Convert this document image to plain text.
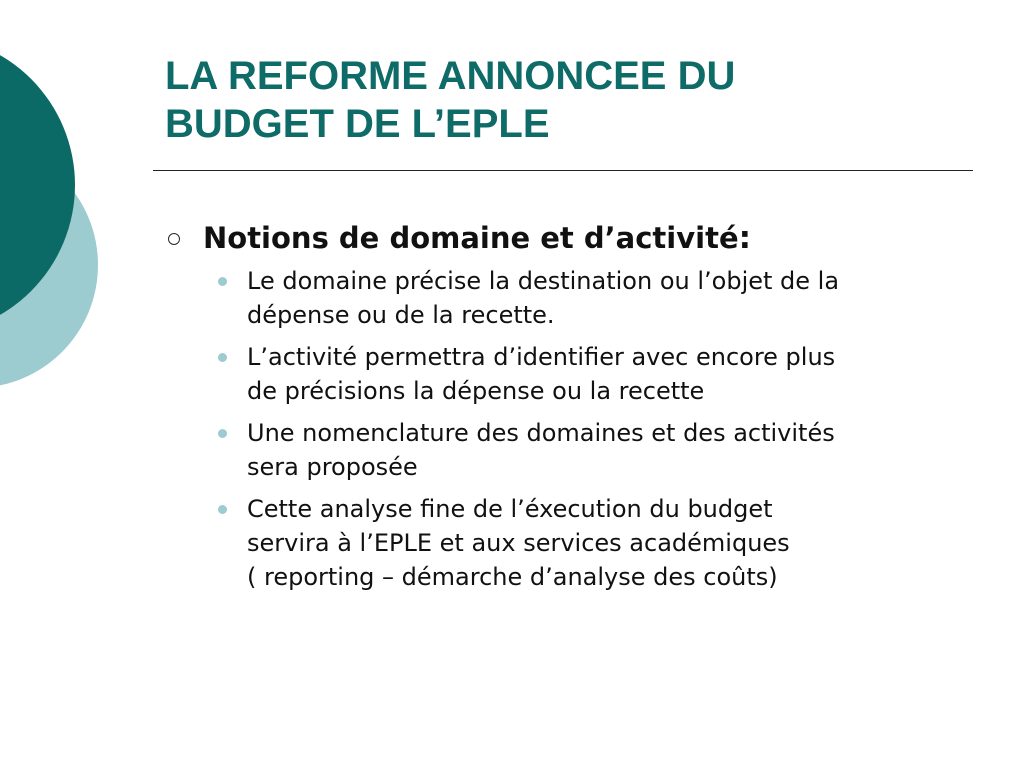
LA REFORME ANNONCEE DU
BUDGET DE L’EPLE
Notions de domaine et d’activité:
Le domaine précise la destination ou l’objet de la
dépense ou de la recette.
L’activité permettra d’identifier avec encore plus
de précisions la dépense ou la recette
Une nomenclature des domaines et des activités
sera proposée
Cette analyse fine de l’éxecution du budget
servira à l’EPLE et aux services académiques
( reporting – démarche d’analyse des coûts)
